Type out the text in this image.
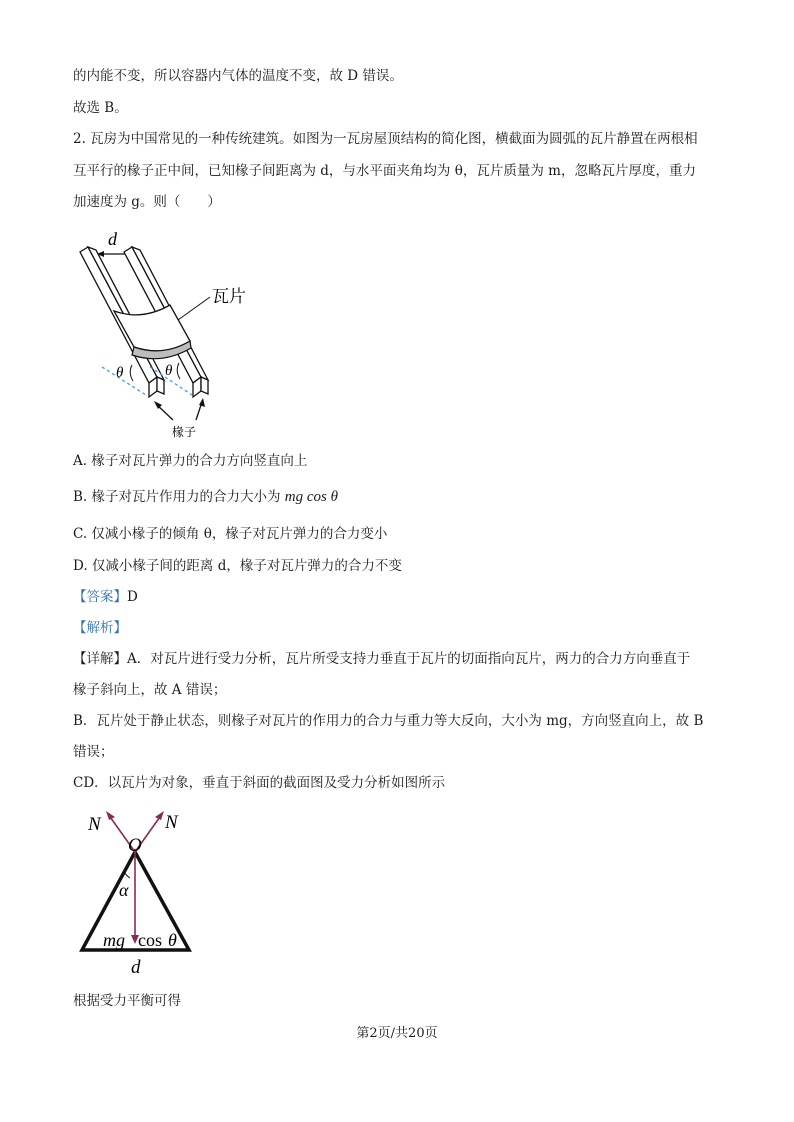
的内能不变，所以容器内气体的温度不变，故 D 错误。
故选 B。
2. 瓦房为中国常见的一种传统建筑。如图为一瓦房屋顶结构的简化图，横截面为圆弧的瓦片静置在两根相
互平行的椽子正中间，已知椽子间距离为 d，与水平面夹角均为 θ，瓦片质量为 m，忽略瓦片厚度，重力
加速度为 g。则（　　）
d
瓦片
θ	θ
椽子
A. 椽子对瓦片弹力的合力方向竖直向上
B. 椽子对瓦片作用力的合力大小为 mg cos θ
C. 仅减小椽子的倾角 θ，椽子对瓦片弹力的合力变小
D. 仅减小椽子间的距离 d，椽子对瓦片弹力的合力不变
【答案】D
【解析】
【详解】A．对瓦片进行受力分析，瓦片所受支持力垂直于瓦片的切面指向瓦片，两力的合力方向垂直于
椽子斜向上，故 A 错误；
B．瓦片处于静止状态，则椽子对瓦片的作用力的合力与重力等大反向，大小为 mg，方向竖直向上，故 B
错误；
CD．以瓦片为对象，垂直于斜面的截面图及受力分析如图所示
N	N
O
α
mg cos θ
d
根据受力平衡可得
第2页/共20页
